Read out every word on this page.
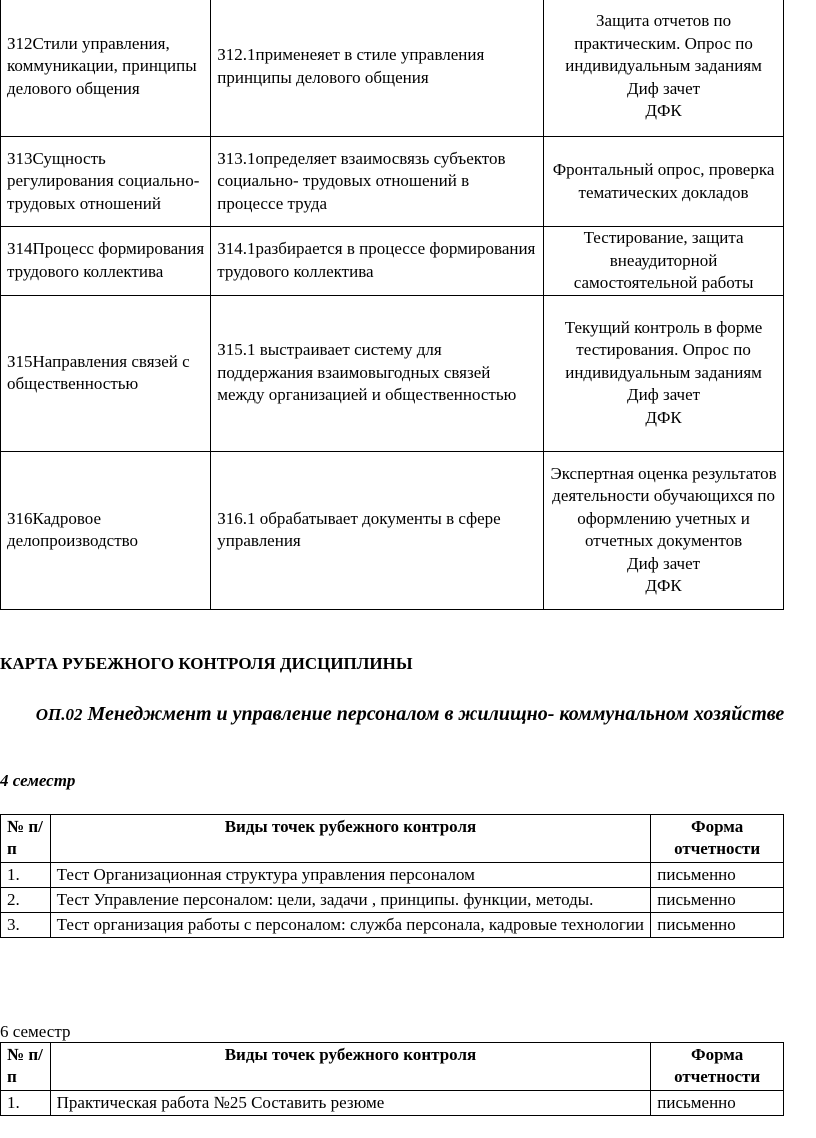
З12Стили управления, коммуникации, принципы делового общения	З12.1применеяет в стиле управления принципы делового общения	Защита отчетов по практическим. Опрос по индивидуальным заданиям
Диф зачет
ДФК

З13Сущность регулирования социально- трудовых отношений	З13.1определяет взаимосвязь субъектов социально- трудовых отношений в процессе труда	Фронтальный опрос, проверка тематических докладов

З14Процесс формирования трудового коллектива	З14.1разбирается в процессе формирования трудового коллектива	Тестирование, защита внеаудиторной самостоятельной работы

З15Направления связей с общественностью	З15.1 выстраивает систему для поддержания взаимовыгодных связей между организацией и общественностью	Текущий контроль в форме тестирования. Опрос по индивидуальным заданиям
Диф зачет
ДФК

З16Кадровое делопроизводство	З16.1 обрабатывает документы в сфере управления	Экспертная оценка результатов деятельности обучающихся по оформлению учетных и отчетных документов
Диф зачет
ДФК
КАРТА РУБЕЖНОГО КОНТРОЛЯ ДИСЦИПЛИНЫ
ОП.02 Менеджмент и управление персоналом в жилищно- коммунальном хозяйстве
4 семестр
№ п/п	Виды точек рубежного контроля	Форма отчетности
1.	Тест Организационная структура управления персоналом	письменно
2.	Тест Управление персоналом: цели, задачи , принципы. функции, методы.	письменно
3.	Тест организация работы с персоналом: служба персонала, кадровые технологии	письменно
6 семестр
№ п/п	Виды точек рубежного контроля	Форма отчетности
1.	Практическая работа №25 Составить резюме	письменно
